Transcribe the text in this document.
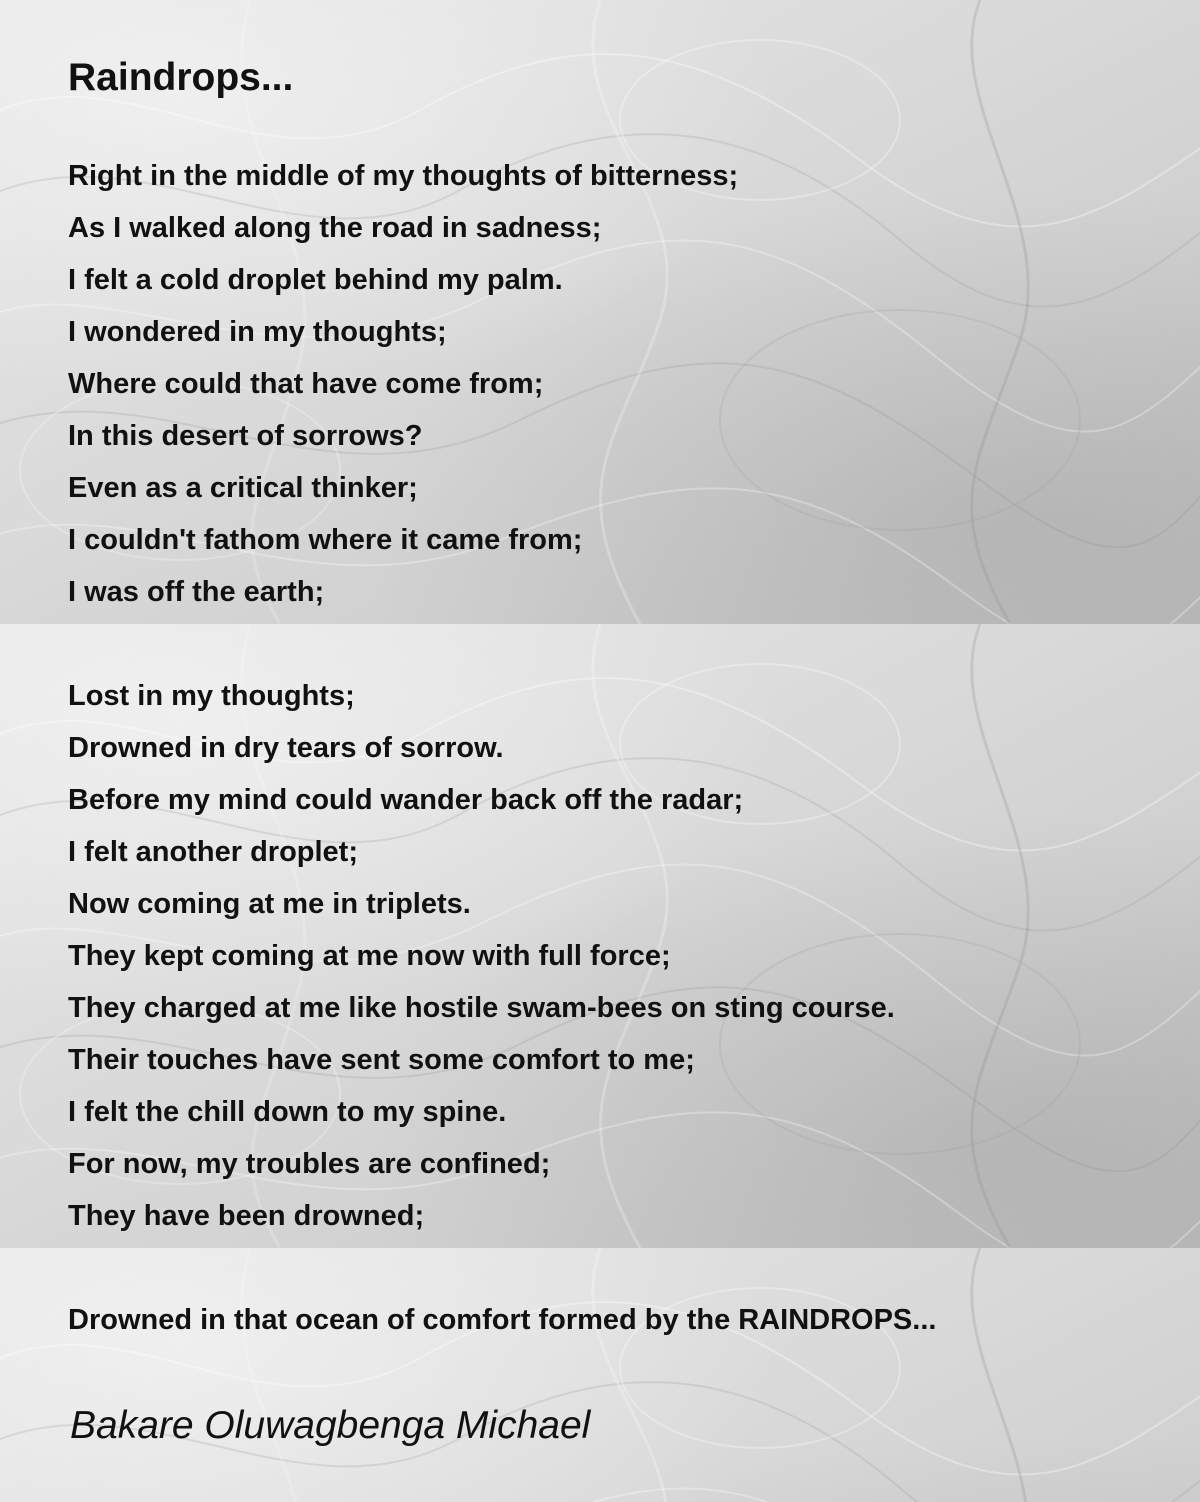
Raindrops...
Right in the middle of my thoughts of bitterness;
As I walked along the road in sadness;
I felt a cold droplet behind my palm.
I wondered in my thoughts;
Where could that have come from;
In this desert of sorrows?
Even as a critical thinker;
I couldn't fathom where it came from;
I was off the earth;
Lost in my thoughts;
Drowned in dry tears of sorrow.
Before my mind could wander back off the radar;
I felt another droplet;
Now coming at me in triplets.
They kept coming at me now with full force;
They charged at me like hostile swam-bees on sting course.
Their touches have sent some comfort to me;
I felt the chill down to my spine.
For now, my troubles are confined;
They have been drowned;
Drowned in that ocean of comfort formed by the RAINDROPS...

Bakare Oluwagbenga Michael
